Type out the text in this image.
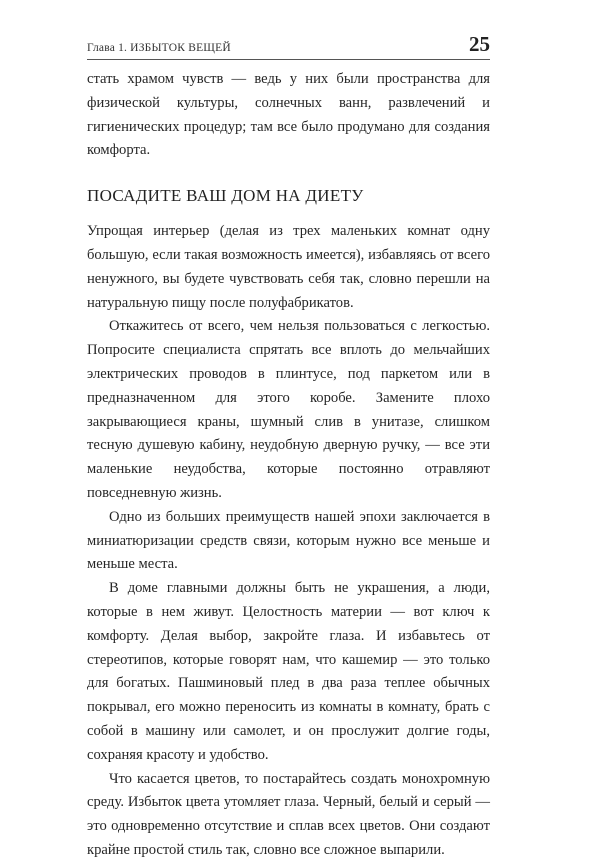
Глава 1. ИЗБЫТОК ВЕЩЕЙ	25

стать храмом чувств — ведь у них были пространства для физической культуры, солнечных ванн, развлечений и гигиенических процедур; там все было продумано для создания комфорта.

ПОСАДИТЕ ВАШ ДОМ НА ДИЕТУ

Упрощая интерьер (делая из трех маленьких комнат одну большую, если такая возможность имеется), избавляясь от всего ненужного, вы будете чувствовать себя так, словно перешли на натуральную пищу после полуфабрикатов.

Откажитесь от всего, чем нельзя пользоваться с легкостью. Попросите специалиста спрятать все вплоть до мельчайших электрических проводов в плинтусе, под паркетом или в предназначенном для этого коробе. Замените плохо закрывающиеся краны, шумный слив в унитазе, слишком тесную душевую кабину, неудобную дверную ручку, — все эти маленькие неудобства, которые постоянно отравляют повседневную жизнь.

Одно из больших преимуществ нашей эпохи заключается в миниатюризации средств связи, которым нужно все меньше и меньше места.

В доме главными должны быть не украшения, а люди, которые в нем живут. Целостность материи — вот ключ к комфорту. Делая выбор, закройте глаза. И избавьтесь от стереотипов, которые говорят нам, что кашемир — это только для богатых. Пашминовый плед в два раза теплее обычных покрывал, его можно переносить из комнаты в комнату, брать с собой в машину или самолет, и он прослужит долгие годы, сохраняя красоту и удобство.

Что касается цветов, то постарайтесь создать монохромную среду. Избыток цвета утомляет глаза. Черный, белый и серый — это одновременно отсутствие и сплав всех цветов. Они создают крайне простой стиль так, словно все сложное выпарили.
